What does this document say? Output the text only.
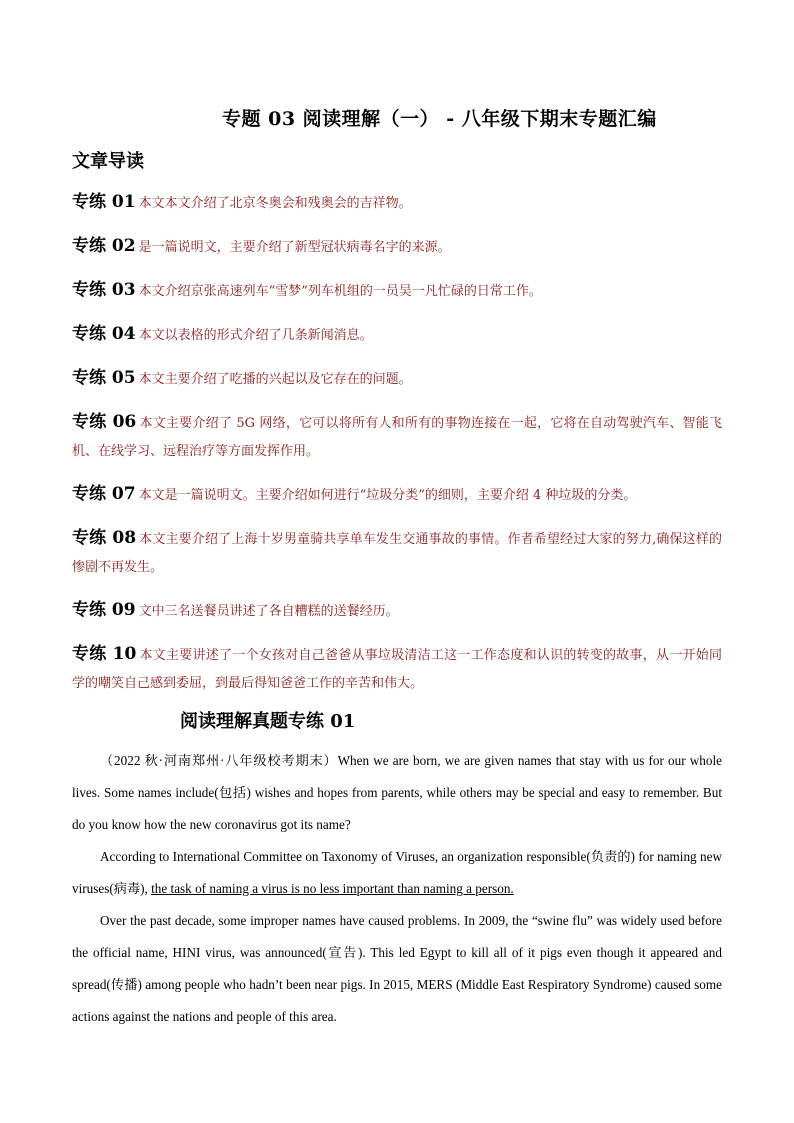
专题 03 阅读理解（一） - 八年级下期末专题汇编
文章导读
专练 01 本文本文介绍了北京冬奥会和残奥会的吉祥物。
专练 02 是一篇说明文，主要介绍了新型冠状病毒名字的来源。
专练 03 本文介绍京张高速列车“雪梦”列车机组的一员吴一凡忙碌的日常工作。
专练 04 本文以表格的形式介绍了几条新闻消息。
专练 05 本文主要介绍了吃播的兴起以及它存在的问题。
专练 06 本文主要介绍了 5G 网络，它可以将所有人和所有的事物连接在一起，它将在自动驾驶汽车、智能飞机、在线学习、远程治疗等方面发挥作用。
专练 07 本文是一篇说明文。主要介绍如何进行“垃圾分类”的细则，主要介绍 4 种垃圾的分类。
专练 08 本文主要介绍了上海十岁男童骑共享单车发生交通事故的事情。作者希望经过大家的努力,确保这样的惨剧不再发生。
专练 09 文中三名送餐员讲述了各自糟糕的送餐经历。
专练 10 本文主要讲述了一个女孩对自己爸爸从事垃圾清洁工这一工作态度和认识的转变的故事，从一开始同学的嘲笑自己感到委屈，到最后得知爸爸工作的辛苦和伟大。
阅读理解真题专练 01

（2022 秋·河南郑州·八年级校考期末）When we are born, we are given names that stay with us for our whole lives. Some names include(包括) wishes and hopes from parents, while others may be special and easy to remember. But do you know how the new coronavirus got its name?

According to International Committee on Taxonomy of Viruses, an organization responsible(负责的) for naming new viruses(病毒), the task of naming a virus is no less important than naming a person.

Over the past decade, some improper names have caused problems. In 2009, the “swine flu” was widely used before the official name, HINI virus, was announced(宣告). This led Egypt to kill all of it pigs even though it appeared and spread(传播) among people who hadn’t been near pigs. In 2015, MERS (Middle East Respiratory Syndrome) caused some actions against the nations and people of this area.
